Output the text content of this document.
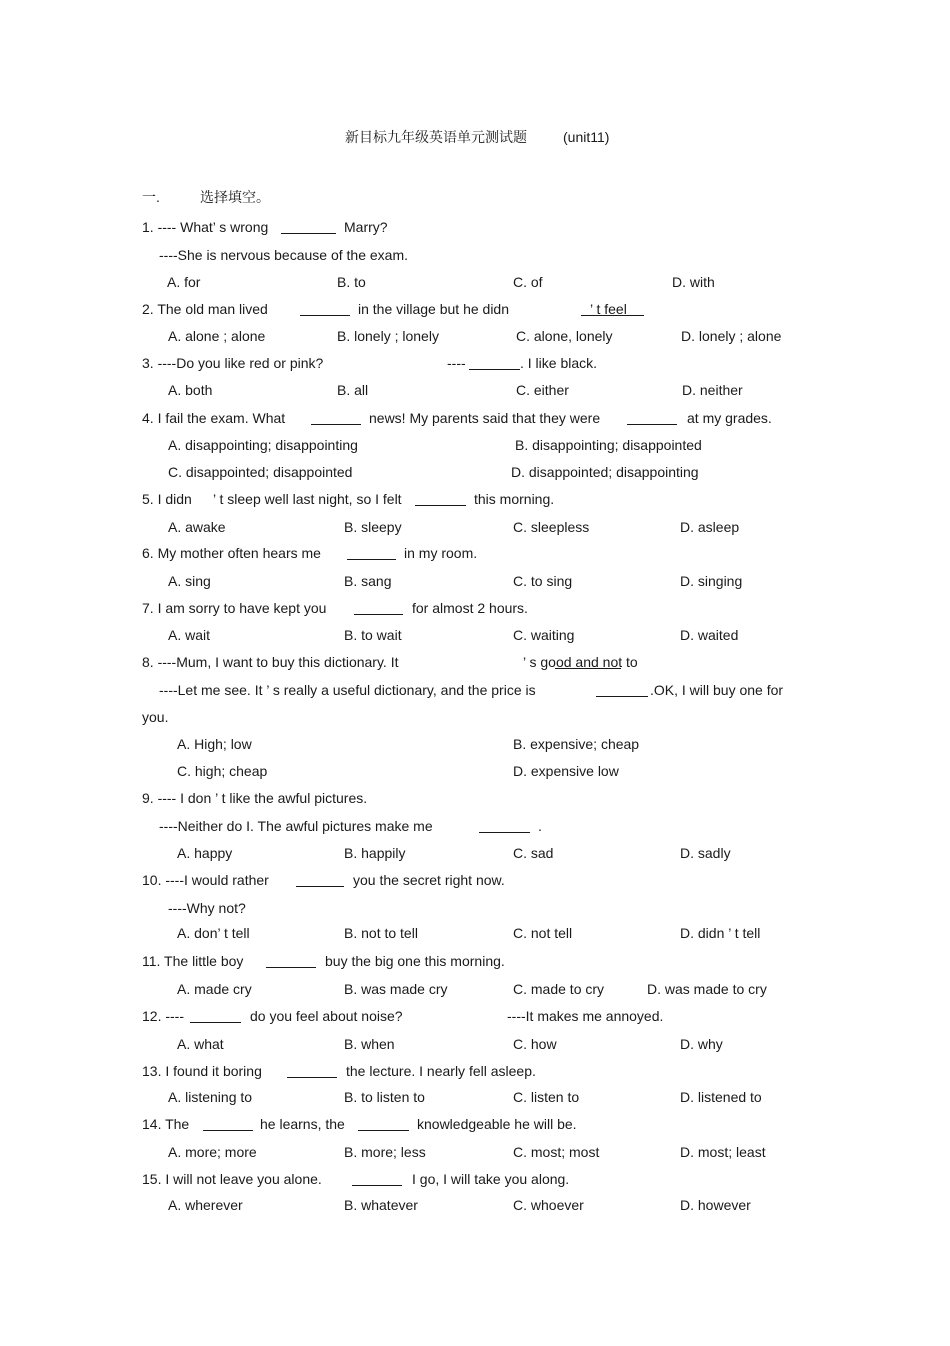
新目标九年级英语单元测试题	(unit11)
一.	选择填空。
1. ---- What’ s wrong	Marry?
----She is nervous because of the exam.
A. for	B. to	C. of	D. with
2. The old man lived	in the village but he didn	’ t feel
A. alone ; alone	B. lonely ; lonely	C. alone, lonely	D. lonely ; alone
3. ----Do you like red or pink?	----	. I like black.
A. both	B. all	C. either	D. neither
4. I fail the exam. What	news! My parents said that they were	at my grades.
A. disappointing; disappointing	B. disappointing; disappointed
C. disappointed; disappointed	D. disappointed; disappointing
5. I didn ’ t sleep well last night, so I felt	this morning.
A. awake	B. sleepy	C. sleepless	D. asleep
6. My mother often hears me	in my room.
A. sing	B. sang	C. to sing	D. singing
7. I am sorry to have kept you	for almost 2 hours.
A. wait	B. to wait	C. waiting	D. waited
8. ----Mum, I want to buy this dictionary. It	’ s good and not to
----Let me see. It ’ s really a useful dictionary, and the price is	.OK, I will buy one for
you.
A. High; low	B. expensive; cheap
C. high; cheap	D. expensive low
9. ---- I don ’ t like the awful pictures.
----Neither do I. The awful pictures make me	.
A. happy	B. happily	C. sad	D. sadly
10. ----I would rather	you the secret right now.
----Why not?
A. don’ t tell	B. not to tell	C. not tell	D. didn ’ t tell
11. The little boy	buy the big one this morning.
A. made cry	B. was made cry	C. made to cry	D. was made to cry
12. ----	do you feel about noise?	----It makes me annoyed.
A. what	B. when	C. how	D. why
13. I found it boring	the lecture. I nearly fell asleep.
A. listening to	B. to listen to	C. listen to	D. listened to
14. The	he learns, the	knowledgeable he will be.
A. more; more	B. more; less	C. most; most	D. most; least
15. I will not leave you alone.	I go, I will take you along.
A. wherever	B. whatever	C. whoever	D. however
